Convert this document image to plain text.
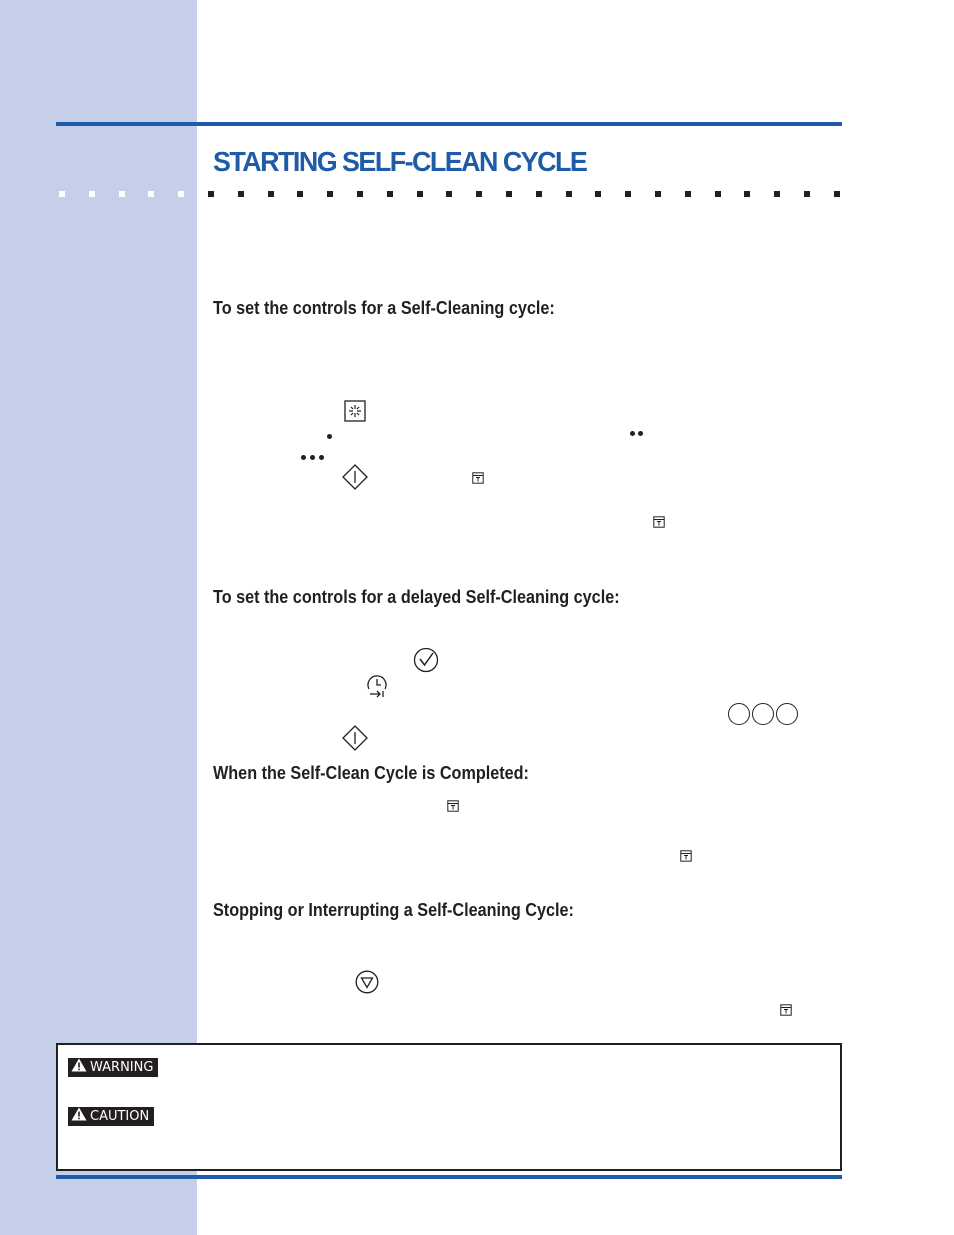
STARTING SELF-CLEAN CYCLE
To set the controls for a Self-Cleaning cycle:
To set the controls for a delayed Self-Cleaning cycle:
When the Self-Clean Cycle is Completed:
Stopping or Interrupting a Self-Cleaning Cycle:
WARNING
CAUTION
